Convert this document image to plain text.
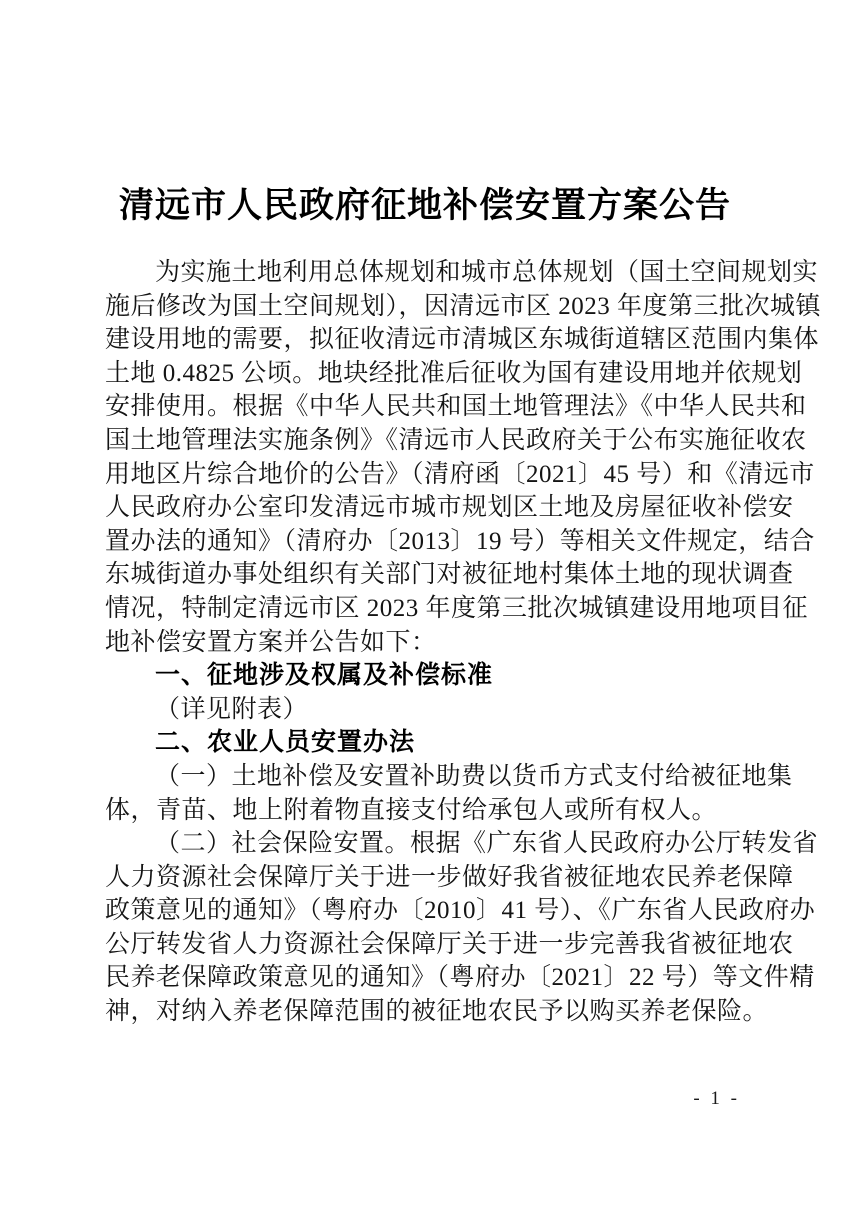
清远市人民政府征地补偿安置方案公告
为实施土地利用总体规划和城市总体规划（国土空间规划实
施后修改为国土空间规划），因清远市区 2023 年度第三批次城镇
建设用地的需要，拟征收清远市清城区东城街道辖区范围内集体
土地 0.4825 公顷。地块经批准后征收为国有建设用地并依规划
安排使用。根据《中华人民共和国土地管理法》《中华人民共和
国土地管理法实施条例》《清远市人民政府关于公布实施征收农
用地区片综合地价的公告》（清府函〔2021〕45 号）和《清远市
人民政府办公室印发清远市城市规划区土地及房屋征收补偿安
置办法的通知》（清府办〔2013〕19 号）等相关文件规定，结合
东城街道办事处组织有关部门对被征地村集体土地的现状调查
情况，特制定清远市区 2023 年度第三批次城镇建设用地项目征
地补偿安置方案并公告如下：
一、征地涉及权属及补偿标准
（详见附表）
二、农业人员安置办法
（一）土地补偿及安置补助费以货币方式支付给被征地集
体，青苗、地上附着物直接支付给承包人或所有权人。
（二）社会保险安置。根据《广东省人民政府办公厅转发省
人力资源社会保障厅关于进一步做好我省被征地农民养老保障
政策意见的通知》（粤府办〔2010〕41 号）、《广东省人民政府办
公厅转发省人力资源社会保障厅关于进一步完善我省被征地农
民养老保障政策意见的通知》（粤府办〔2021〕22 号）等文件精
神，对纳入养老保障范围的被征地农民予以购买养老保险。
- 1 -
